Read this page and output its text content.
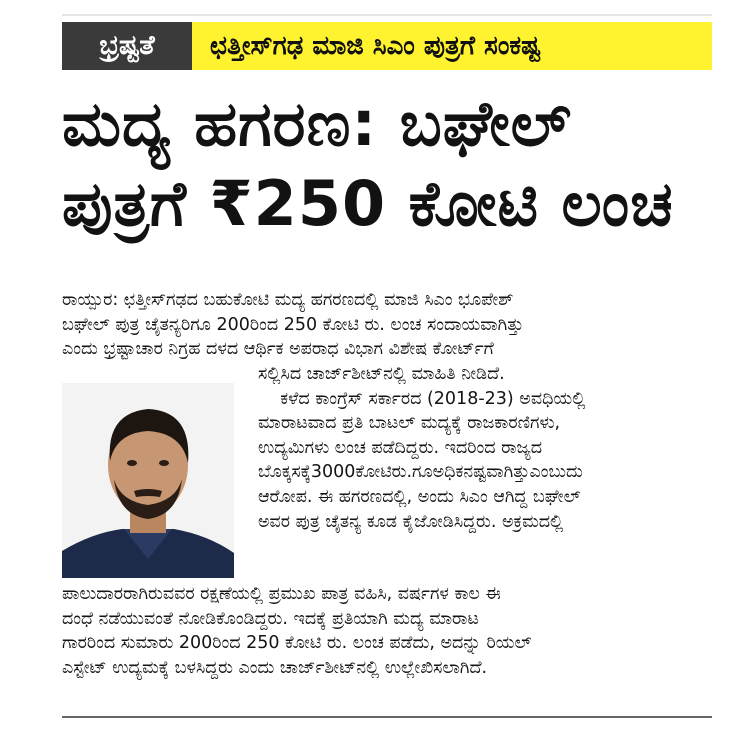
ಭ್ರಷ್ಟತೆ	ಛತ್ತೀಸ್‌ಗಢ ಮಾಜಿ ಸಿಎಂ ಪುತ್ರಗೆ ಸಂಕಷ್ಟ
ಮದ್ಯ ಹಗರಣ: ಬಘೇಲ್
ಪುತ್ರಗೆ ₹250 ಕೋಟಿ ಲಂಚ
ರಾಯ್ಪುರ: ಛತ್ತೀಸ್‌ಗಢದ ಬಹುಕೋಟಿ ಮದ್ಯ ಹಗರಣದಲ್ಲಿ ಮಾಜಿ ಸಿಎಂ ಭೂಪೇಶ್
ಬಘೇಲ್ ಪುತ್ರ ಚೈತನ್ಯರಿಗೂ 200ರಿಂದ 250 ಕೋಟಿ ರು. ಲಂಚ ಸಂದಾಯವಾಗಿತ್ತು
ಎಂದು ಭ್ರಷ್ಟಾಚಾರ ನಿಗ್ರಹ ದಳದ ಆರ್ಥಿಕ ಅಪರಾಧ ವಿಭಾಗ ವಿಶೇಷ ಕೋರ್ಟ್‌ಗೆ
ಸಲ್ಲಿಸಿದ ಚಾರ್ಜ್‌ಶೀಟ್‌ನಲ್ಲಿ ಮಾಹಿತಿ ನೀಡಿದೆ.
ಕಳೆದ ಕಾಂಗ್ರೆಸ್ ಸರ್ಕಾರದ (2018-23) ಅವಧಿಯಲ್ಲಿ
ಮಾರಾಟವಾದ ಪ್ರತಿ ಬಾಟಲ್ ಮದ್ಯಕ್ಕೆ ರಾಜಕಾರಣಿಗಳು,
ಉದ್ಯಮಿಗಳು ಲಂಚ ಪಡೆದಿದ್ದರು. ಇದರಿಂದ ರಾಜ್ಯದ
ಬೊಕ್ಕಸಕ್ಕೆ3000ಕೋಟಿರು.ಗೂಅಧಿಕನಷ್ಟವಾಗಿತ್ತುಎಂಬುದು
ಆರೋಪ. ಈ ಹಗರಣದಲ್ಲಿ, ಅಂದು ಸಿಎಂ ಆಗಿದ್ದ ಬಘೇಲ್
ಅವರ ಪುತ್ರ ಚೈತನ್ಯ ಕೂಡ ಕೈಜೋಡಿಸಿದ್ದರು. ಅಕ್ರಮದಲ್ಲಿ
ಪಾಲುದಾರರಾಗಿರುವವರ ರಕ್ಷಣೆಯಲ್ಲಿ ಪ್ರಮುಖ ಪಾತ್ರ ವಹಿಸಿ, ವರ್ಷಗಳ ಕಾಲ ಈ
ದಂಧೆ ನಡೆಯುವಂತೆ ನೋಡಿಕೊಂಡಿದ್ದರು. ಇದಕ್ಕೆ ಪ್ರತಿಯಾಗಿ ಮದ್ಯ ಮಾರಾಟ
ಗಾರರಿಂದ ಸುಮಾರು 200ರಿಂದ 250 ಕೋಟಿ ರು. ಲಂಚ ಪಡೆದು, ಅದನ್ನು ರಿಯಲ್
ಎಸ್ಟೇಟ್ ಉದ್ಯಮಕ್ಕೆ ಬಳಸಿದ್ದರು ಎಂದು ಚಾರ್ಜ್‌ಶೀಟ್‌ನಲ್ಲಿ ಉಲ್ಲೇಖಿಸಲಾಗಿದೆ.
